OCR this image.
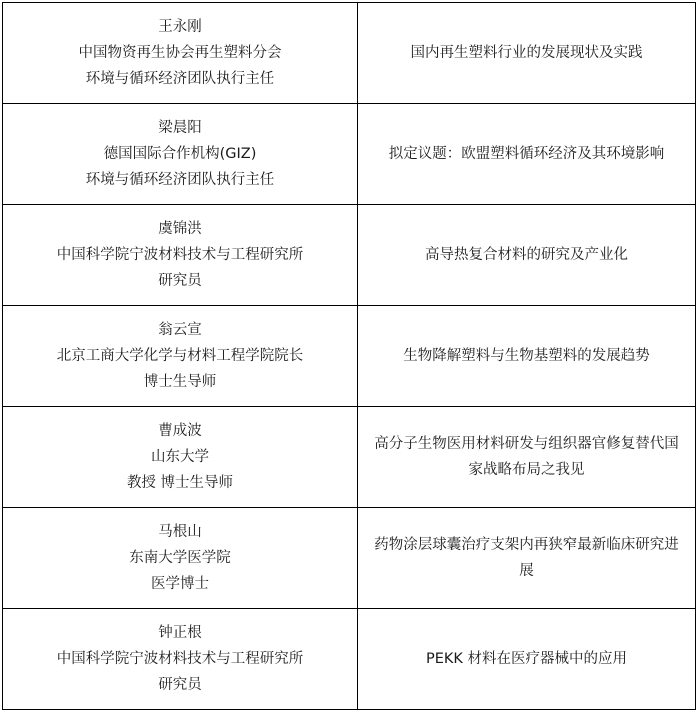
王永刚
中国物资再生协会再生塑料分会
环境与循环经济团队执行主任	国内再生塑料行业的发展现状及实践

梁晨阳
德国国际合作机构(GIZ)
环境与循环经济团队执行主任	拟定议题：欧盟塑料循环经济及其环境影响

虞锦洪
中国科学院宁波材料技术与工程研究所
研究员	高导热复合材料的研究及产业化

翁云宣
北京工商大学化学与材料工程学院院长
博士生导师	生物降解塑料与生物基塑料的发展趋势

曹成波
山东大学
教授 博士生导师	高分子生物医用材料研发与组织器官修复替代国家战略布局之我见

马根山
东南大学医学院
医学博士	药物涂层球囊治疗支架内再狭窄最新临床研究进展

钟正根
中国科学院宁波材料技术与工程研究所
研究员	PEKK 材料在医疗器械中的应用
